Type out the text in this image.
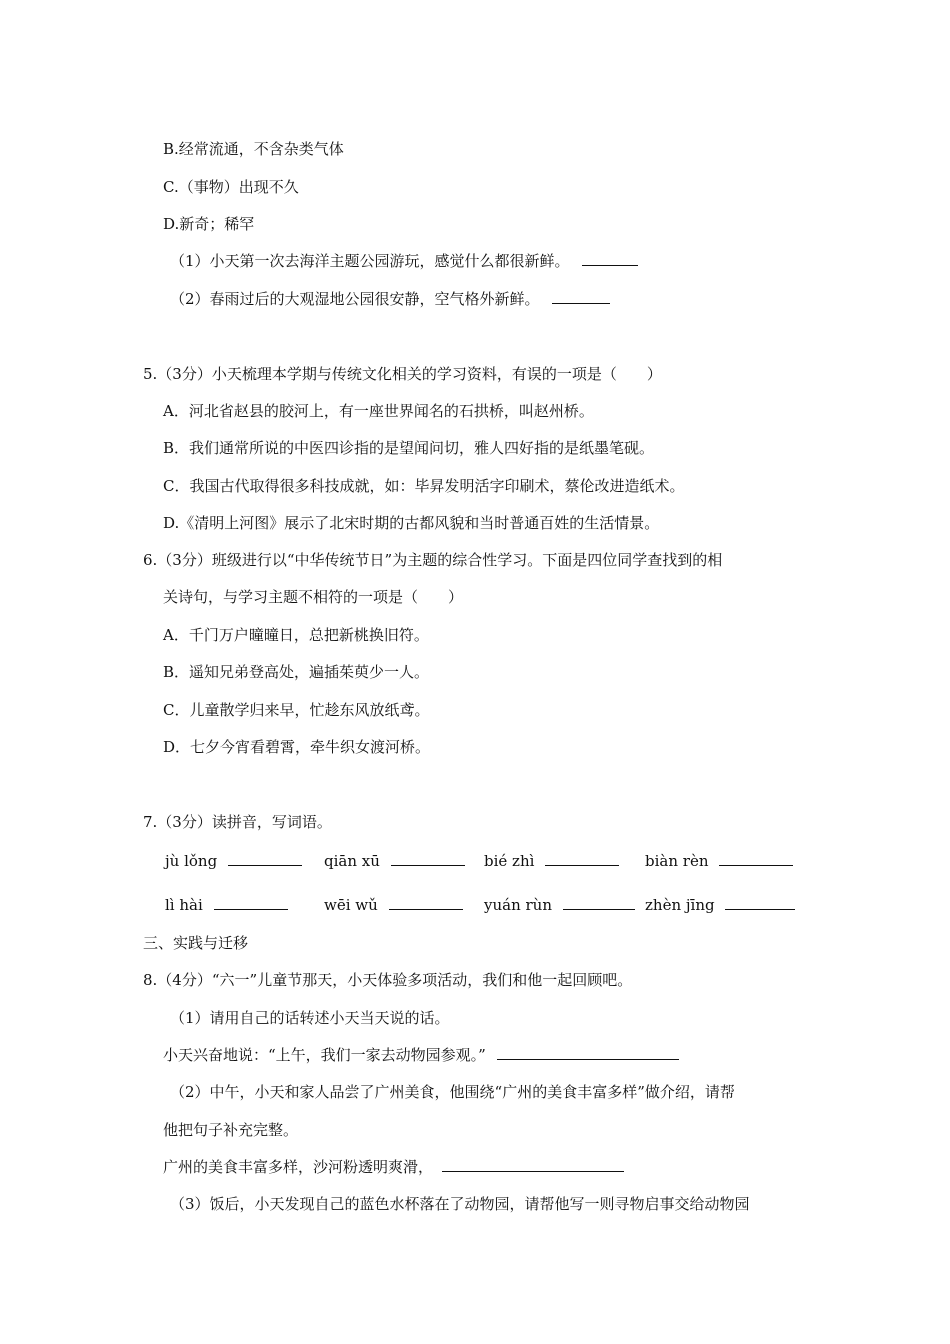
B.经常流通，不含杂类气体
C.（事物）出现不久
D.新奇；稀罕
（1）小天第一次去海洋主题公园游玩，感觉什么都很新鲜。
（2）春雨过后的大观湿地公园很安静，空气格外新鲜。
5.（3分）小天梳理本学期与传统文化相关的学习资料，有误的一项是（　　）
A．河北省赵县的胶河上，有一座世界闻名的石拱桥，叫赵州桥。
B．我们通常所说的中医四诊指的是望闻问切，雅人四好指的是纸墨笔砚。
C．我国古代取得很多科技成就，如：毕昇发明活字印刷术，蔡伦改进造纸术。
D.《清明上河图》展示了北宋时期的古都风貌和当时普通百姓的生活情景。
6.（3分）班级进行以“中华传统节日”为主题的综合性学习。下面是四位同学查找到的相
关诗句，与学习主题不相符的一项是（　　）
A．千门万户曈曈日，总把新桃换旧符。
B．遥知兄弟登高处，遍插茱萸少一人。
C．儿童散学归来早，忙趁东风放纸鸢。
D．七夕今宵看碧霄，牵牛织女渡河桥。
7.（3分）读拼音，写词语。
jù lǒng	qiān xū	bié zhì	biàn rèn
lì hài	wēi wǔ	yuán rùn	zhèn jīng
三、实践与迁移
8.（4分）“六一”儿童节那天，小天体验多项活动，我们和他一起回顾吧。
（1）请用自己的话转述小天当天说的话。
小天兴奋地说：“上午，我们一家去动物园参观。”
（2）中午，小天和家人品尝了广州美食，他围绕“广州的美食丰富多样”做介绍，请帮
他把句子补充完整。
广州的美食丰富多样，沙河粉透明爽滑，
（3）饭后，小天发现自己的蓝色水杯落在了动物园，请帮他写一则寻物启事交给动物园
